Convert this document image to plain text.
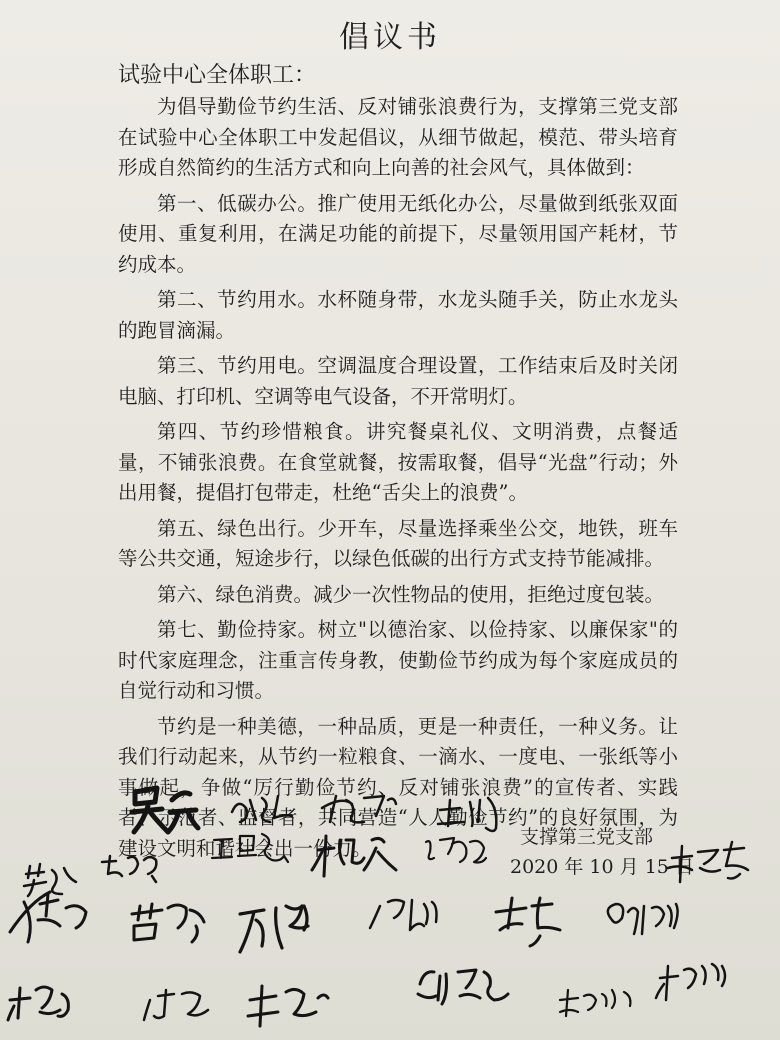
倡议书
试验中心全体职工：

为倡导勤俭节约生活、反对铺张浪费行为，支撑第三党支部在试验中心全体职工中发起倡议，从细节做起，模范、带头培育形成自然简约的生活方式和向上向善的社会风气，具体做到：

第一、低碳办公。推广使用无纸化办公，尽量做到纸张双面使用、重复利用，在满足功能的前提下，尽量领用国产耗材，节约成本。

第二、节约用水。水杯随身带，水龙头随手关，防止水龙头的跑冒滴漏。

第三、节约用电。空调温度合理设置，工作结束后及时关闭电脑、打印机、空调等电气设备，不开常明灯。

第四、节约珍惜粮食。讲究餐桌礼仪、文明消费，点餐适量，不铺张浪费。在食堂就餐，按需取餐，倡导“光盘”行动；外出用餐，提倡打包带走，杜绝“舌尖上的浪费”。

第五、绿色出行。少开车，尽量选择乘坐公交，地铁，班车等公共交通，短途步行，以绿色低碳的出行方式支持节能减排。

第六、绿色消费。减少一次性物品的使用，拒绝过度包装。

第七、勤俭持家。树立"以德治家、以俭持家、以廉保家"的时代家庭理念，注重言传身教，使勤俭节约成为每个家庭成员的自觉行动和习惯。

节约是一种美德，一种品质，更是一种责任，一种义务。让我们行动起来，从节约一粒粮食、一滴水、一度电、一张纸等小事做起，争做“厉行勤俭节约、反对铺张浪费”的宣传者、实践者、示范者、监督者，共同营造“人人勤俭节约”的良好氛围，为建设文明和谐社会出一份力。	支撑第三党支部
2020 年 10 月 15 日
